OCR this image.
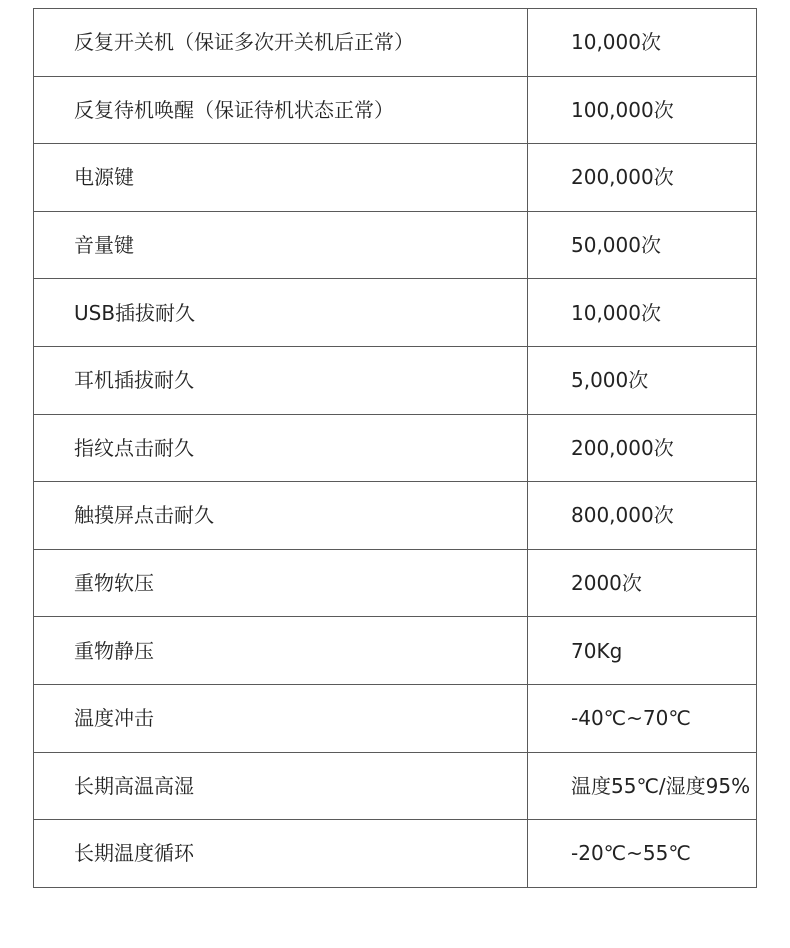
反复开关机（保证多次开关机后正常）	10,000次
反复待机唤醒（保证待机状态正常）	100,000次
电源键	200,000次
音量键	50,000次
USB插拔耐久	10,000次
耳机插拔耐久	5,000次
指纹点击耐久	200,000次
触摸屏点击耐久	800,000次
重物软压	2000次
重物静压	70Kg
温度冲击	-40℃~70℃
长期高温高湿	温度55℃/湿度95%
长期温度循环	-20℃~55℃
